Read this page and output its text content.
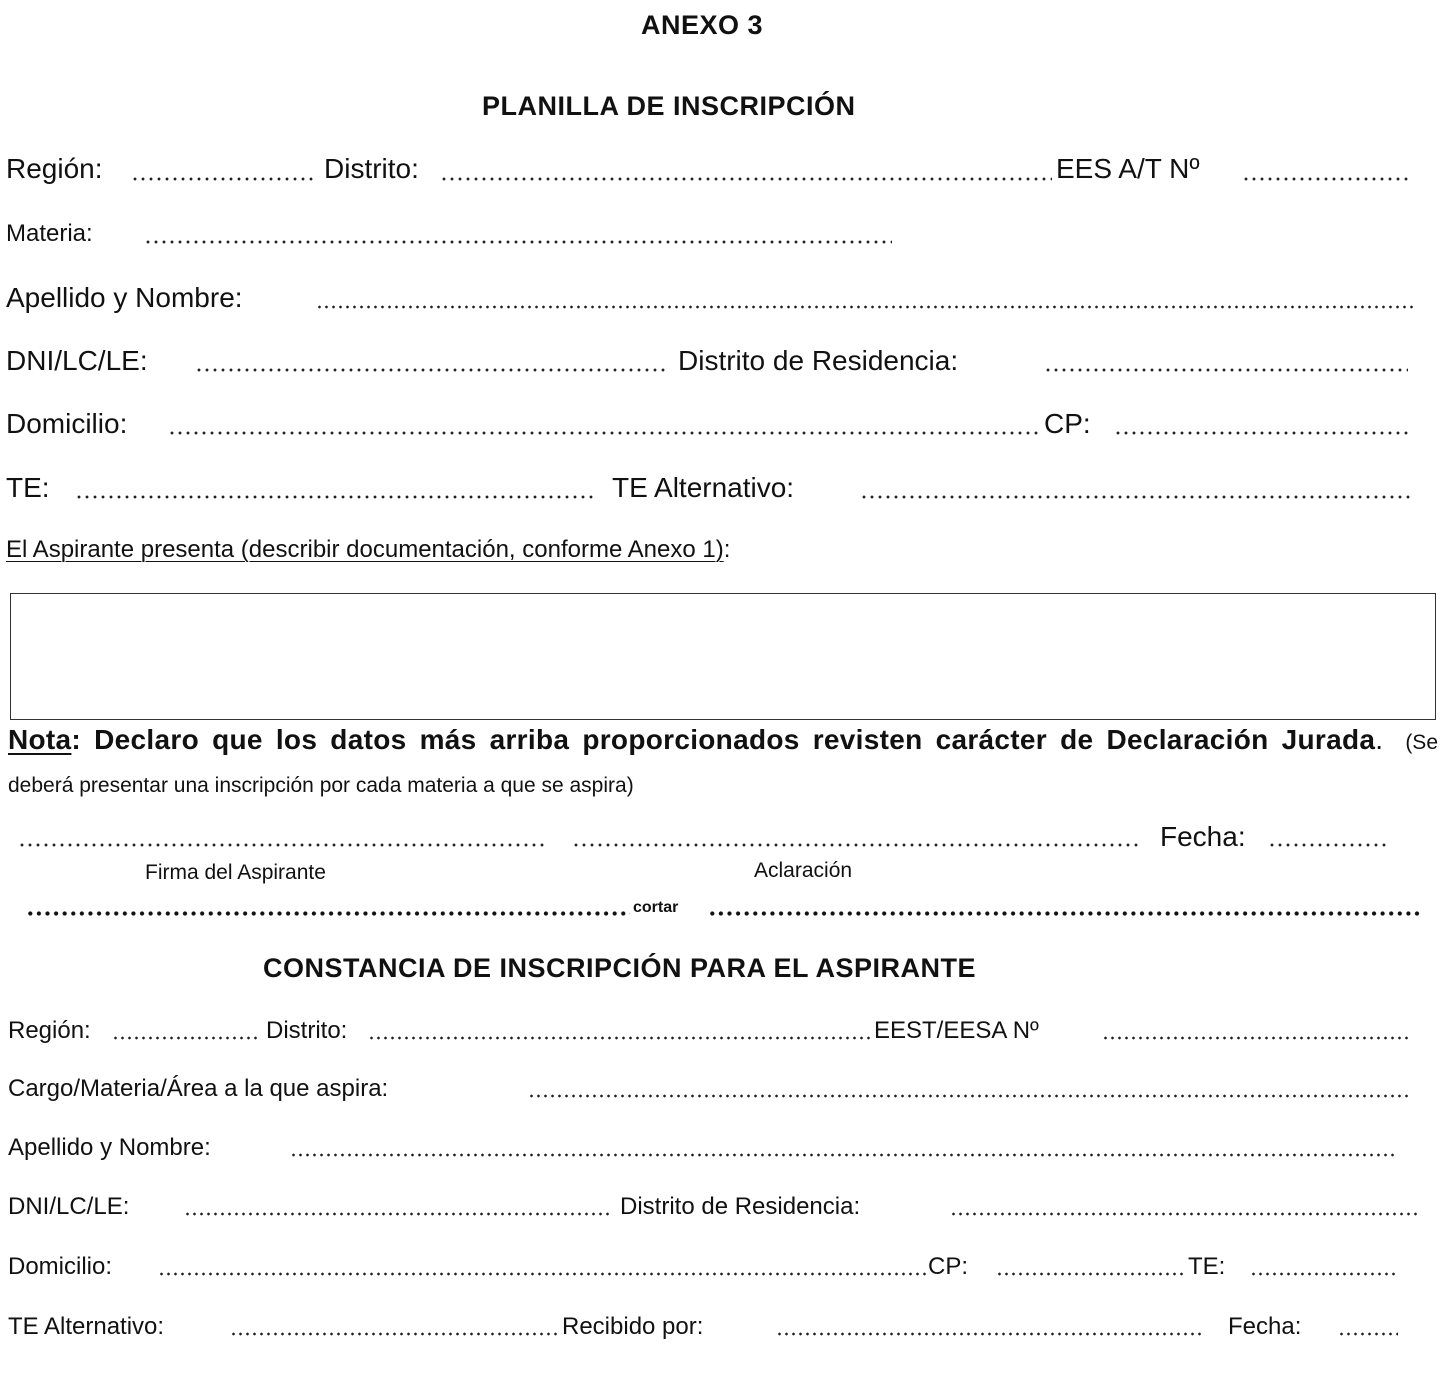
ANEXO 3
PLANILLA DE INSCRIPCIÓN
Región:	Distrito:	EES A/T Nº
Materia:
Apellido y Nombre:
DNI/LC/LE:	Distrito de Residencia:
Domicilio:	CP:
TE:	TE Alternativo:
El Aspirante presenta (describir documentación, conforme Anexo 1):
Nota: Declaro que los datos más arriba proporcionados revisten carácter de Declaración Jurada. (Se deberá presentar una inscripción por cada materia a que se aspira)
Fecha:
Firma del Aspirante	Aclaración
cortar
CONSTANCIA DE INSCRIPCIÓN PARA EL ASPIRANTE
Región:	Distrito:	EEST/EESA Nº
Cargo/Materia/Área a la que aspira:
Apellido y Nombre:
DNI/LC/LE:	Distrito de Residencia:
Domicilio:	CP:	TE:
TE Alternativo:	Recibido por:	Fecha:
